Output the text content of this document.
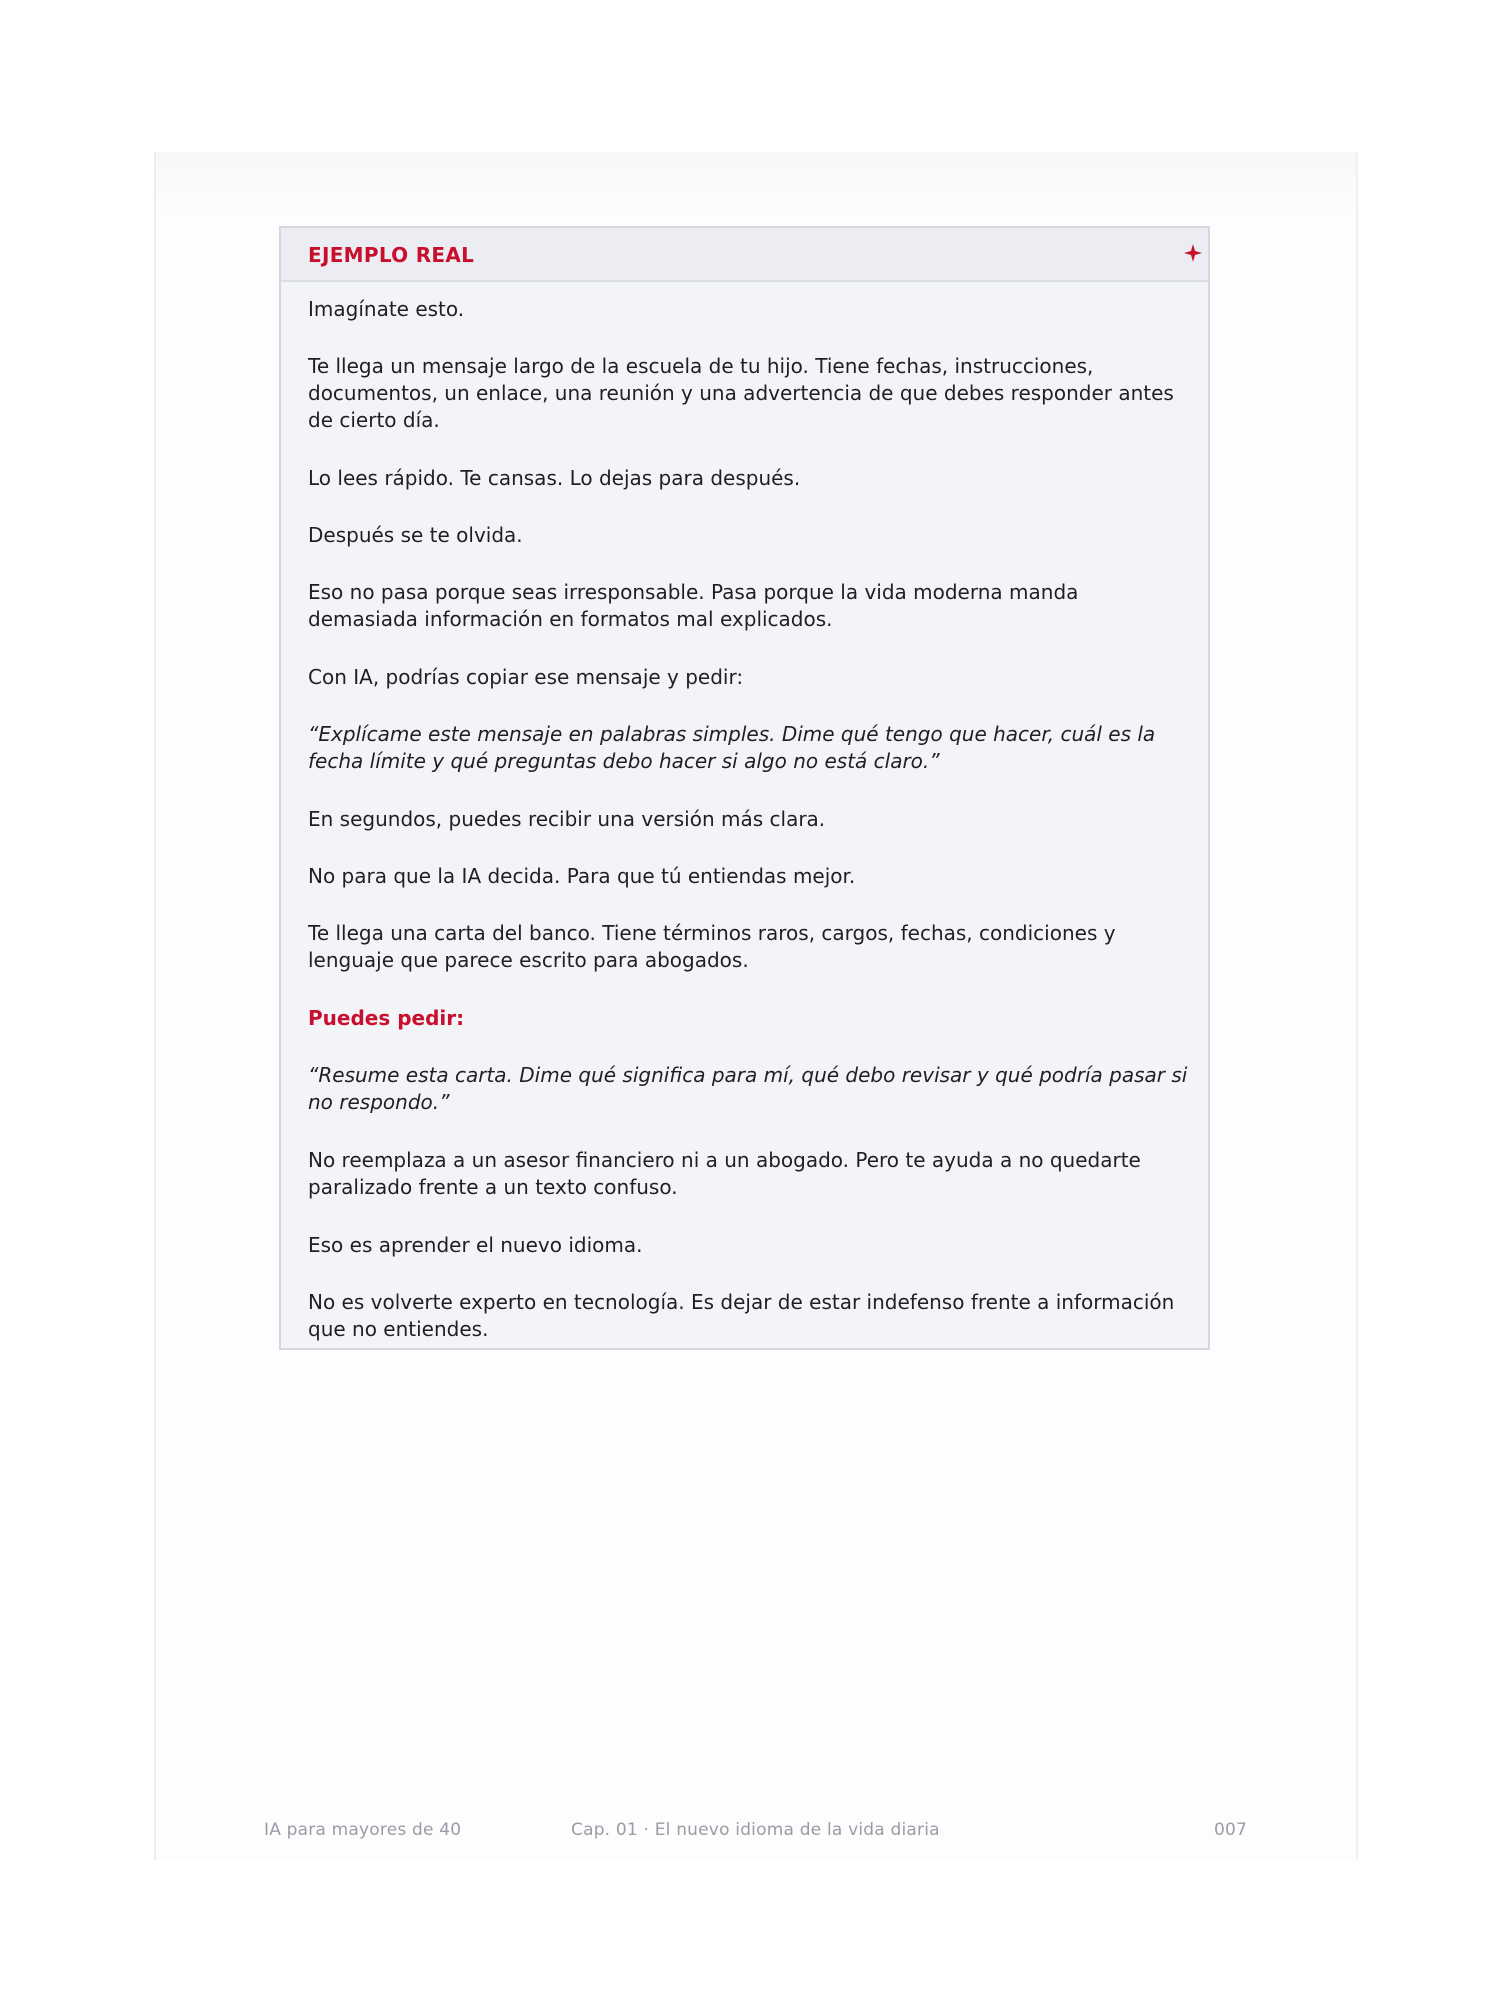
EJEMPLO REAL

Imagínate esto.

Te llega un mensaje largo de la escuela de tu hijo. Tiene fechas, instrucciones, documentos, un enlace, una reunión y una advertencia de que debes responder antes de cierto día.

Lo lees rápido. Te cansas. Lo dejas para después.

Después se te olvida.

Eso no pasa porque seas irresponsable. Pasa porque la vida moderna manda demasiada información en formatos mal explicados.

Con IA, podrías copiar ese mensaje y pedir:

“Explícame este mensaje en palabras simples. Dime qué tengo que hacer, cuál es la fecha límite y qué preguntas debo hacer si algo no está claro.”

En segundos, puedes recibir una versión más clara.

No para que la IA decida. Para que tú entiendas mejor.

Te llega una carta del banco. Tiene términos raros, cargos, fechas, condiciones y lenguaje que parece escrito para abogados.

Puedes pedir:

“Resume esta carta. Dime qué significa para mí, qué debo revisar y qué podría pasar si no respondo.”

No reemplaza a un asesor financiero ni a un abogado. Pero te ayuda a no quedarte paralizado frente a un texto confuso.

Eso es aprender el nuevo idioma.

No es volverte experto en tecnología. Es dejar de estar indefenso frente a información que no entiendes.

IA para mayores de 40	Cap. 01 · El nuevo idioma de la vida diaria	007
